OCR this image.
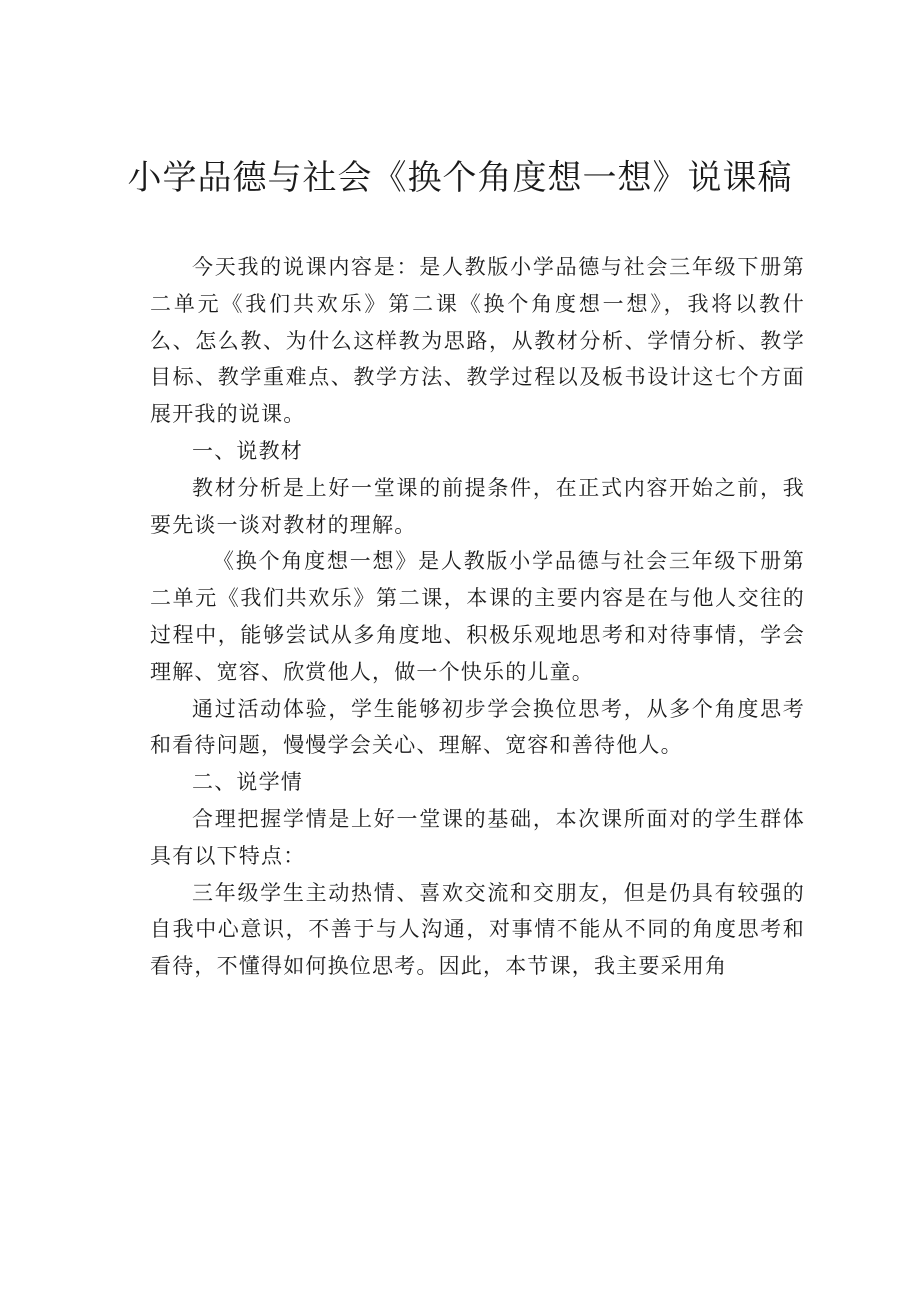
小学品德与社会《换个角度想一想》说课稿

今天我的说课内容是：是人教版小学品德与社会三年级下册第二单元《我们共欢乐》第二课《换个角度想一想》，我将以教什么、怎么教、为什么这样教为思路，从教材分析、学情分析、教学目标、教学重难点、教学方法、教学过程以及板书设计这七个方面展开我的说课。

一、说教材

教材分析是上好一堂课的前提条件，在正式内容开始之前，我要先谈一谈对教材的理解。

《换个角度想一想》是人教版小学品德与社会三年级下册第二单元《我们共欢乐》第二课，本课的主要内容是在与他人交往的过程中，能够尝试从多角度地、积极乐观地思考和对待事情，学会理解、宽容、欣赏他人，做一个快乐的儿童。

通过活动体验，学生能够初步学会换位思考，从多个角度思考和看待问题，慢慢学会关心、理解、宽容和善待他人。

二、说学情

合理把握学情是上好一堂课的基础，本次课所面对的学生群体具有以下特点：

三年级学生主动热情、喜欢交流和交朋友，但是仍具有较强的自我中心意识，不善于与人沟通，对事情不能从不同的角度思考和看待，不懂得如何换位思考。因此，本节课，我主要采用角
